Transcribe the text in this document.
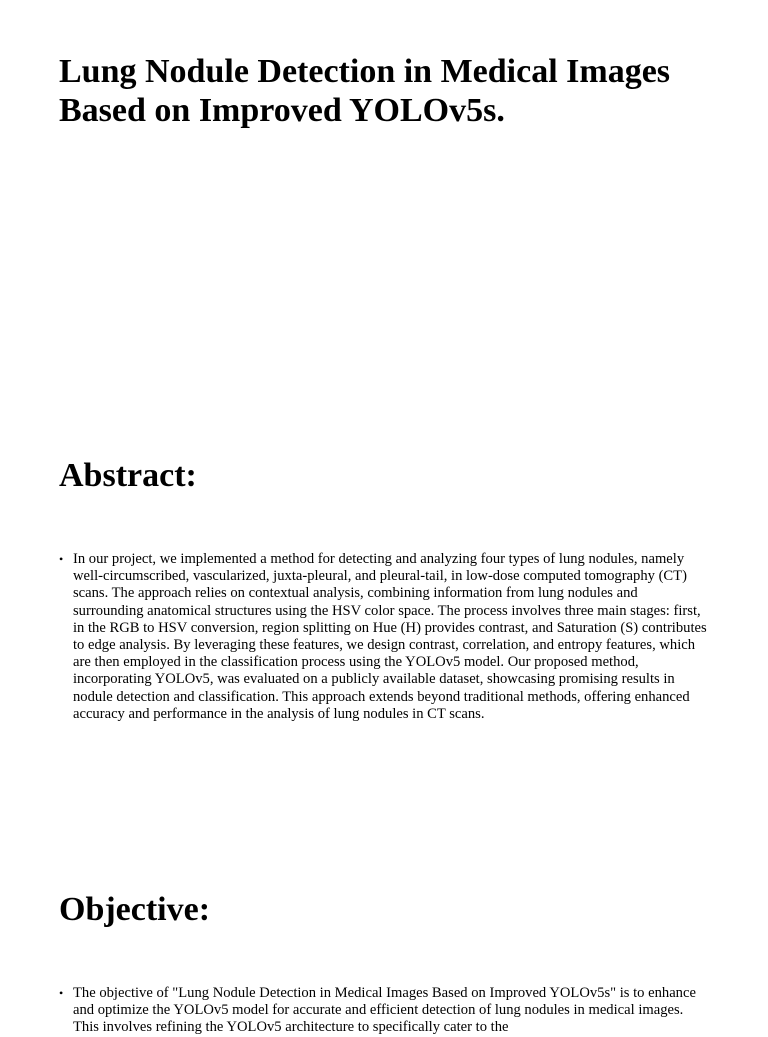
Lung Nodule Detection in Medical Images Based on Improved YOLOv5s.
Abstract:
• In our project, we implemented a method for detecting and analyzing four types of lung nodules, namely well-circumscribed, vascularized, juxta-pleural, and pleural-tail, in low-dose computed tomography (CT) scans. The approach relies on contextual analysis, combining information from lung nodules and surrounding anatomical structures using the HSV color space. The process involves three main stages: first, in the RGB to HSV conversion, region splitting on Hue (H) provides contrast, and Saturation (S) contributes to edge analysis. By leveraging these features, we design contrast, correlation, and entropy features, which are then employed in the classification process using the YOLOv5 model. Our proposed method, incorporating YOLOv5, was evaluated on a publicly available dataset, showcasing promising results in nodule detection and classification. This approach extends beyond traditional methods, offering enhanced accuracy and performance in the analysis of lung nodules in CT scans.
Objective:
• The objective of "Lung Nodule Detection in Medical Images Based on Improved YOLOv5s" is to enhance and optimize the YOLOv5 model for accurate and efficient detection of lung nodules in medical images. This involves refining the YOLOv5 architecture to specifically cater to the
